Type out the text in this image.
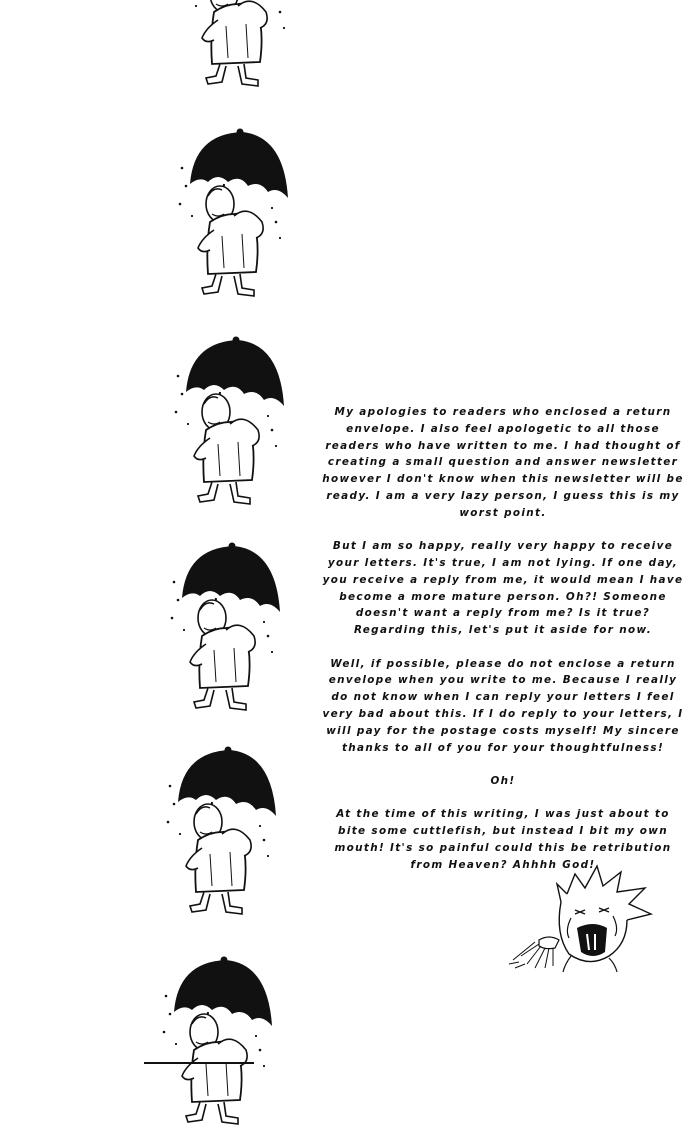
My apologies to readers who enclosed a return envelope. I also feel apologetic to all those readers who have written to me. I had thought of creating a small question and answer newsletter however I don't know when this newsletter will be ready. I am a very lazy person, I guess this is my worst point.

But I am so happy, really very happy to receive your letters. It's true, I am not lying. If one day, you receive a reply from me, it would mean I have become a more mature person. Oh?! Someone doesn't want a reply from me? Is it true? Regarding this, let's put it aside for now.

Well, if possible, please do not enclose a return envelope when you write to me. Because I really do not know when I can reply your letters I feel very bad about this. If I do reply to your letters, I will pay for the postage costs myself! My sincere thanks to all of you for your thoughtfulness!

Oh!

At the time of this writing, I was just about to bite some cuttlefish, but instead I bit my own mouth! It's so painful could this be retribution from Heaven? Ahhhh God!
